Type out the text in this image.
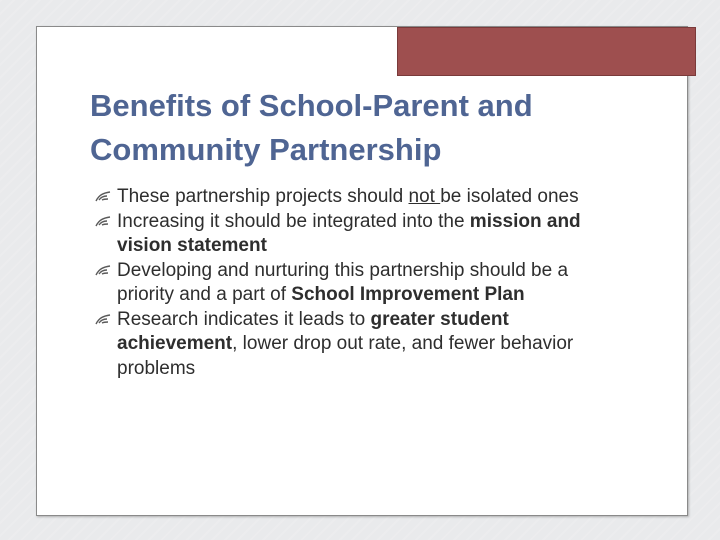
Benefits of School-Parent and
Community Partnership
These partnership projects should not be isolated ones
Increasing it should be integrated into the mission and vision statement
Developing and nurturing this partnership should be a priority and a part of School Improvement Plan
Research indicates it leads to greater student achievement, lower drop out rate, and fewer behavior problems
